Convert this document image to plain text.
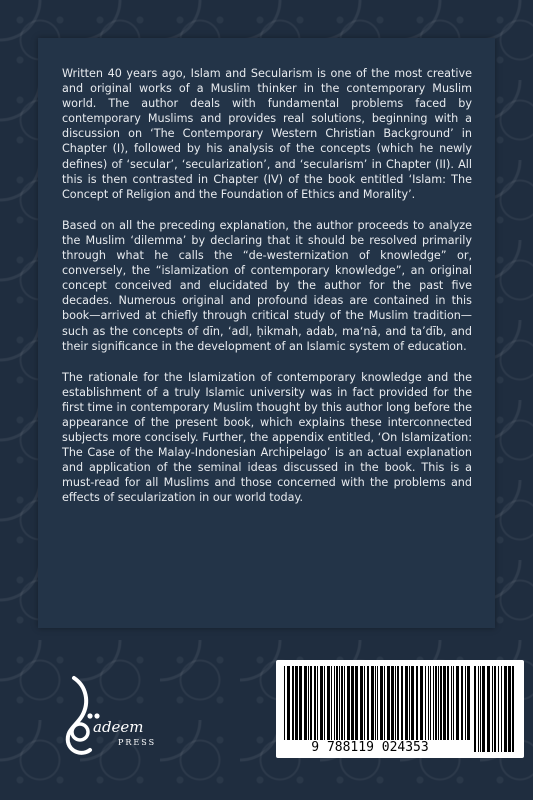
Written 40 years ago, Islam and Secularism is one of the most creative and original works of a Muslim thinker in the contemporary Muslim world. The author deals with fundamental problems faced by contemporary Muslims and provides real solutions, beginning with a discussion on ‘The Contemporary Western Christian Background’ in Chapter (I), followed by his analysis of the concepts (which he newly defines) of ‘secular’, ‘secularization’, and ‘secularism’ in Chapter (II). All this is then contrasted in Chapter (IV) of the book entitled ‘Islam: The Concept of Religion and the Foundation of Ethics and Morality’.

Based on all the preceding explanation, the author proceeds to analyze the Muslim ‘dilemma’ by declaring that it should be resolved primarily through what he calls the “de-westernization of knowledge” or, conversely, the “islamization of contemporary knowledge”, an original concept conceived and elucidated by the author for the past five decades. Numerous original and profound ideas are contained in this book—arrived at chiefly through critical study of the Muslim tradition—such as the concepts of dīn, ‘adl, ḥikmah, adab, maʻnā, and taʼdīb, and their significance in the development of an Islamic system of education.

The rationale for the Islamization of contemporary knowledge and the establishment of a truly Islamic university was in fact provided for the first time in contemporary Muslim thought by this author long before the appearance of the present book, which explains these interconnected subjects more concisely. Further, the appendix entitled, ‘On Islamization: The Case of the Malay-Indonesian Archipelago’ is an actual explanation and application of the seminal ideas discussed in the book. This is a must-read for all Muslims and those concerned with the problems and effects of secularization in our world today.

adeem
PRESS	9 788119 024353
